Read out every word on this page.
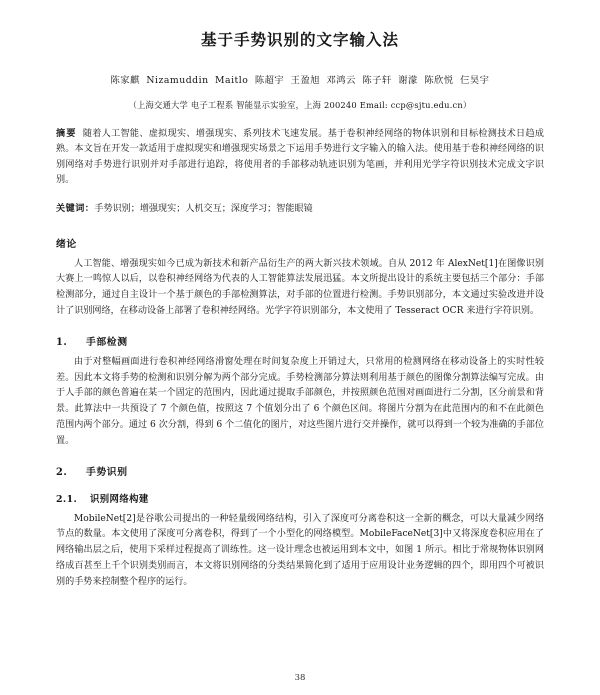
基于手势识别的文字输入法
陈家麒 Nizamuddin Maitlo 陈超宇 王盈旭 邓鸿云 陈子轩 谢濛 陈欣悦 仨昊宇
（上海交通大学 电子工程系 智能显示实验室，上海 200240 Email: ccp@sjtu.edu.cn）
摘要 随着人工智能、虚拟现实、增强现实、系列技术飞速发展。基于卷积神经网络的物体识别和目标检测技术日趋成熟。本文旨在开发一款适用于虚拟现实和增强现实场景之下运用手势进行文字输入的输入法。使用基于卷积神经网络的识别网络对手势进行识别并对手部进行追踪，将使用者的手部移动轨迹识别为笔画，并利用光学字符识别技术完成文字识别。
关键词：手势识别；增强现实；人机交互；深度学习；智能眼镜
绪论

人工智能、增强现实如今已成为新技术和新产品衍生产的两大新兴技术领域。自从 2012 年 AlexNet[1]在图像识别大赛上一鸣惊人以后，以卷积神经网络为代表的人工智能算法发展迅猛。本文所提出设计的系统主要包括三个部分：手部检测部分，通过自主设计一个基于颜色的手部检测算法，对手部的位置进行检测。手势识别部分，本文通过实验改进并设计了识别网络，在移动设备上部署了卷积神经网络。光学字符识别部分，本文使用了 Tesseract OCR 来进行字符识别。

1. 手部检测

由于对整幅画面进行卷积神经网络滑窗处理在时间复杂度上开销过大，只常用的检测网络在移动设备上的实时性较差。因此本文将手势的检测和识别分解为两个部分完成。手势检测部分算法则利用基于颜色的图像分割算法编写完成。由于人手部的颜色普遍在某一个固定的范围内，因此通过提取手部颜色，并按照颜色范围对画面进行二分割，区分前景和背景。此算法中一共预设了 7 个颜色值，按照这 7 个值划分出了 6 个颜色区间。将图片分割为在此范围内的和不在此颜色范围内两个部分。通过 6 次分割，得到 6 个二值化的图片，对这些图片进行交并操作，就可以得到一个较为准确的手部位置。

2. 手势识别
2.1. 识别网络构建

MobileNet[2]是谷歌公司提出的一种轻量级网络结构，引入了深度可分离卷积这一全新的概念，可以大量减少网络节点的数量。本文使用了深度可分离卷积，得到了一个小型化的网络模型。MobileFaceNet[3]中又将深度卷积应用在了网络输出层之后，使用下采样过程提高了训练性。这一设计理念也被运用到本文中，如图 1 所示。相比于常规物体识别网络成百甚至上千个识别类别而言，本文将识别网络的分类结果简化到了适用于应用设计业务逻辑的四个，即用四个可被识别的手势来控制整个程序的运行。

38
